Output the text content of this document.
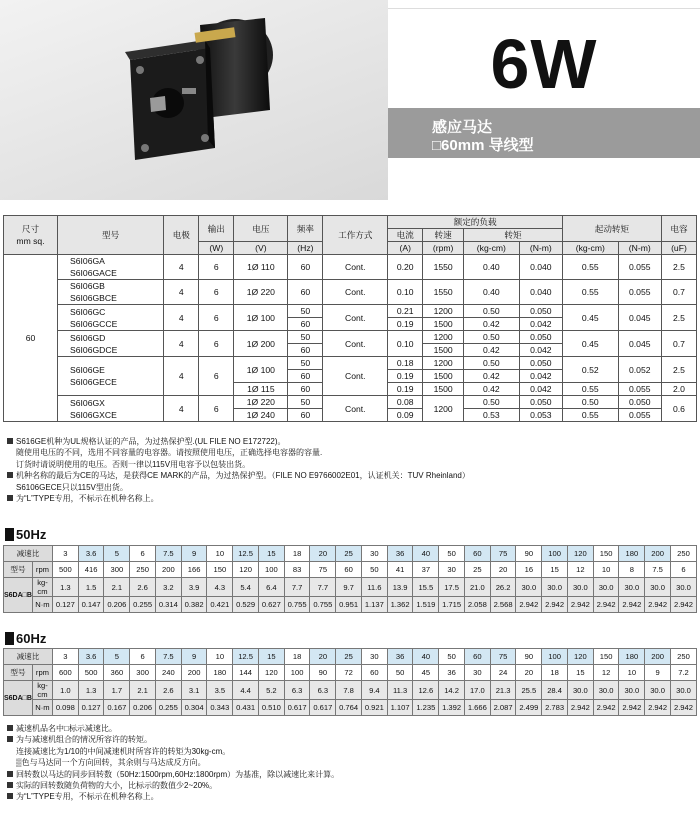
6W
感应马达
□60mm 导线型
尺寸
mm sq.	型号	电极	输出	电压	频率	工作方式	额定的负载				起动转矩		电容
							电流	转速	转矩				
			(W)	(V)	(Hz)		(A)	(rpm)	(kg-cm)	(N-m)	(kg-cm)	(N-m)	(uF)
60	S6I06GA
S6I06GACE	4	6	1Ø 110	60	Cont.	0.20	1550	0.40	0.040	0.55	0.055	2.5

	S6I06GB
S6I06GBCE	4	6	1Ø 220	60	Cont.	0.10	1550	0.40	0.040	0.55	0.055	0.7

	S6I06GC
S6I06GCCE	4	6	1Ø 100	50	Cont.	0.21	1200	0.50	0.050	0.45	0.045	2.5
					60		0.19	1500	0.42	0.042			

	S6I06GD
S6I06GDCE	4	6	1Ø 200	50	Cont.	0.10	1200	0.50	0.050	0.45	0.045	0.7
					60			1500	0.42	0.042			

	S6I06GE
S6I06GECE	4	6	1Ø 100	50	Cont.	0.18	1200	0.50	0.050	0.52	0.052	2.5
					60		0.19	1500	0.42	0.042			
				1Ø 115	60		0.19	1500	0.42	0.042	0.55	0.055	2.0

	S6I06GX
S6I06GXCE	4	6	1Ø 220	50	Cont.	0.08	1200	0.50	0.050	0.50	0.050	0.6
				1Ø 240	60		0.09		0.53	0.053	0.55	0.055	

S616GE机种为UL规格认证的产品，为过热保护型.(UL FILE NO E172722)。

随使用电压的不同，选用不同容量的电容器。请按照使用电压，正确选择电容器的容量.

订货时请说明使用的电压。否则一律以115V用电容予以包装出货。

机种名称的最后为CE的马达，是获得CE MARK的产品，为过热保护型。（FILE NO E9766002E01，认证机关：TUV Rheinland）

S6106GECE只以115V型出货。

为“L”TYPE专用，不标示在机种名称上。

50Hz
减速比		3	3.6	5	6	7.5	9	10	12.5	15	18	20	25	30	36	40	50	60	75	90	100	120	150	180	200	250
型号	rpm	500	416	300	250	200	166	150	120	100	83	75	60	50	41	37	30	25	20	16	15	12	10	8	7.5	6
S6DA□B	kg-cm	1.3	1.5	2.1	2.6	3.2	3.9	4.3	5.4	6.4	7.7	7.7	9.7	11.6	13.9	15.5	17.5	21.0	26.2	30.0	30.0	30.0	30.0	30.0	30.0	30.0
	N·m	0.127	0.147	0.206	0.255	0.314	0.382	0.421	0.529	0.627	0.755	0.755	0.951	1.137	1.362	1.519	1.715	2.058	2.568	2.942	2.942	2.942	2.942	2.942	2.942	2.942
60Hz
减速比		3	3.6	5	6	7.5	9	10	12.5	15	18	20	25	30	36	40	50	60	75	90	100	120	150	180	200	250
型号	rpm	600	500	360	300	240	200	180	144	120	100	90	72	60	50	45	36	30	24	20	18	15	12	10	9	7.2
S6DA□B	kg-cm	1.0	1.3	1.7	2.1	2.6	3.1	3.5	4.4	5.2	6.3	6.3	7.8	9.4	11.3	12.6	14.2	17.0	21.3	25.5	28.4	30.0	30.0	30.0	30.0	30.0
	N·m	0.098	0.127	0.167	0.206	0.255	0.304	0.343	0.431	0.510	0.617	0.617	0.764	0.921	1.107	1.235	1.392	1.666	2.087	2.499	2.783	2.942	2.942	2.942	2.942	2.942

减速机品名中□标示减速比。

为与减速机组合的情况所容许的转矩。

连接减速比为1/10的中间减速机时所容许的转矩为30kg-cm。

▒色与马达同一个方向回转，其余则与马达成反方向。

回转数以马达的同步回转数（50Hz:1500rpm,60Hz:1800rpm）为基准，除以减速比来计算。

实际的回转数随负荷物的大小，比标示的数值少2~20%。

为“L”TYPE专用，不标示在机种名称上。
